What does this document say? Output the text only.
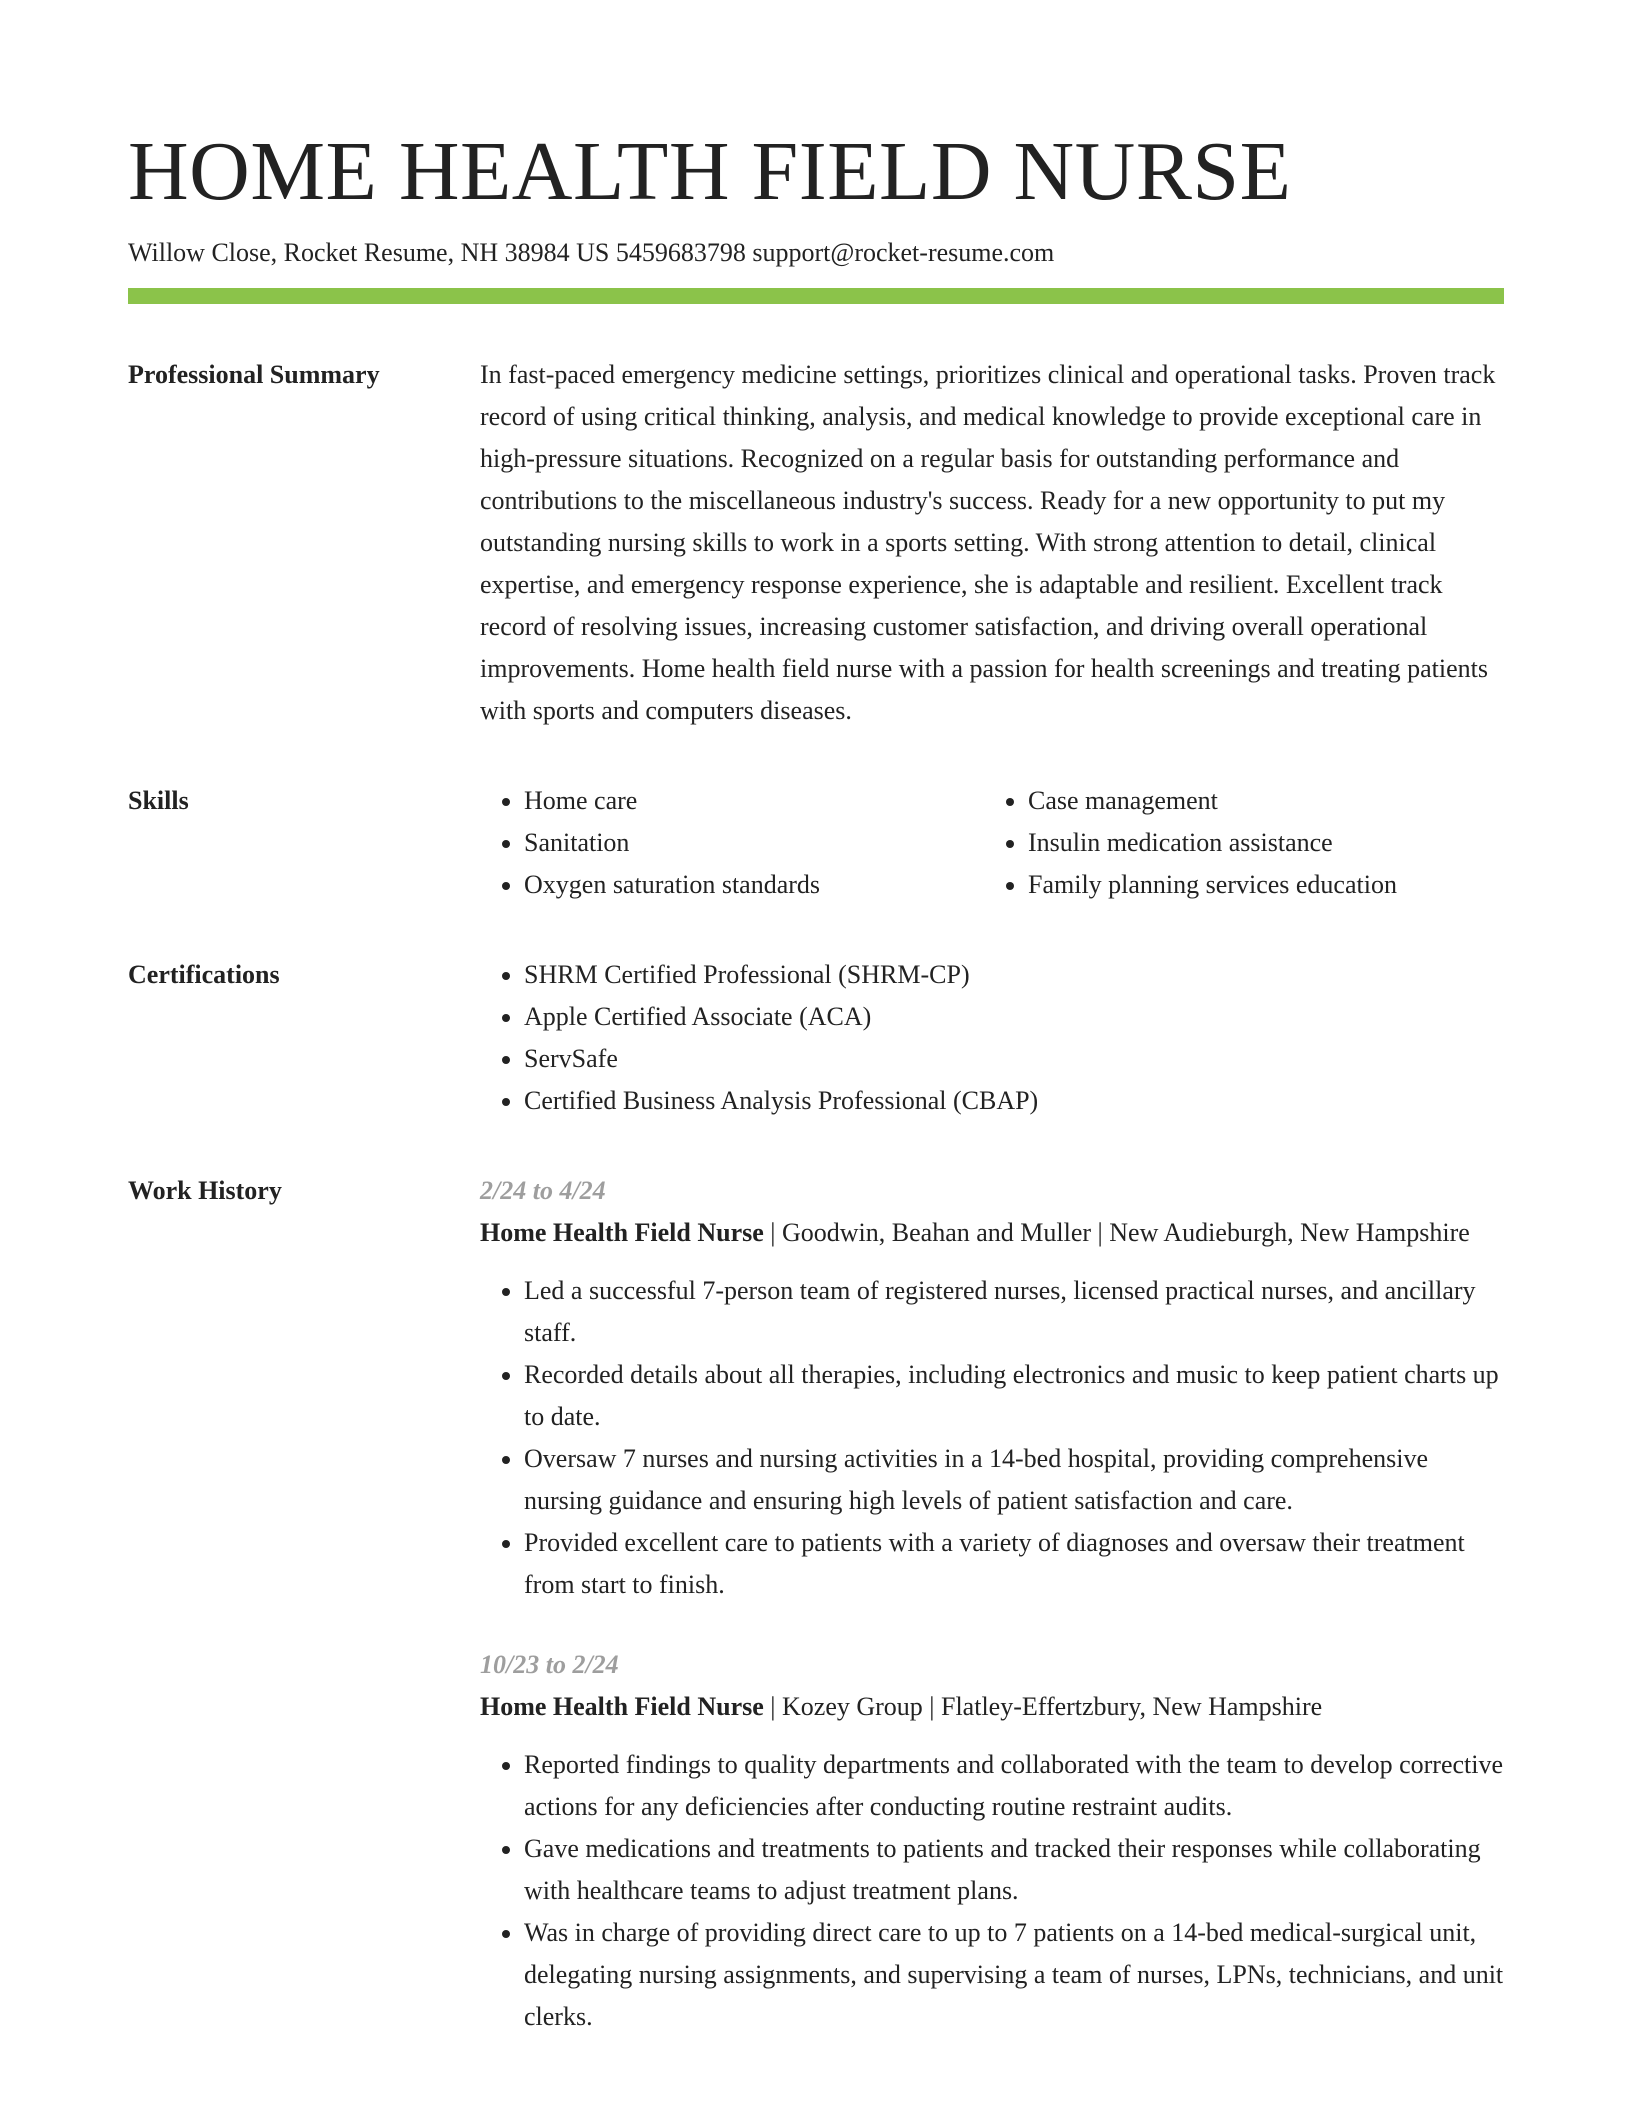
HOME HEALTH FIELD NURSE
Willow Close, Rocket Resume, NH 38984 US 5459683798 support@rocket-resume.com
Professional Summary	In fast-paced emergency medicine settings, prioritizes clinical and operational tasks. Proven track record of using critical thinking, analysis, and medical knowledge to provide exceptional care in high-pressure situations. Recognized on a regular basis for outstanding performance and contributions to the miscellaneous industry's success. Ready for a new opportunity to put my outstanding nursing skills to work in a sports setting. With strong attention to detail, clinical expertise, and emergency response experience, she is adaptable and resilient. Excellent track record of resolving issues, increasing customer satisfaction, and driving overall operational improvements. Home health field nurse with a passion for health screenings and treating patients with sports and computers diseases.

Skills	• Home care
• Sanitation
• Oxygen saturation standards
• Case management
• Insulin medication assistance
• Family planning services education
Certifications	• SHRM Certified Professional (SHRM-CP)
• Apple Certified Associate (ACA)
• ServSafe
• Certified Business Analysis Professional (CBAP)
Work History	2/24 to 4/24
Home Health Field Nurse | Goodwin, Beahan and Muller | New Audieburgh, New Hampshire
• Led a successful 7-person team of registered nurses, licensed practical nurses, and ancillary staff.
• Recorded details about all therapies, including electronics and music to keep patient charts up to date.
• Oversaw 7 nurses and nursing activities in a 14-bed hospital, providing comprehensive nursing guidance and ensuring high levels of patient satisfaction and care.
• Provided excellent care to patients with a variety of diagnoses and oversaw their treatment from start to finish.
10/23 to 2/24
Home Health Field Nurse | Kozey Group | Flatley-Effertzbury, New Hampshire
• Reported findings to quality departments and collaborated with the team to develop corrective actions for any deficiencies after conducting routine restraint audits.
• Gave medications and treatments to patients and tracked their responses while collaborating with healthcare teams to adjust treatment plans.
• Was in charge of providing direct care to up to 7 patients on a 14-bed medical-surgical unit, delegating nursing assignments, and supervising a team of nurses, LPNs, technicians, and unit clerks.
